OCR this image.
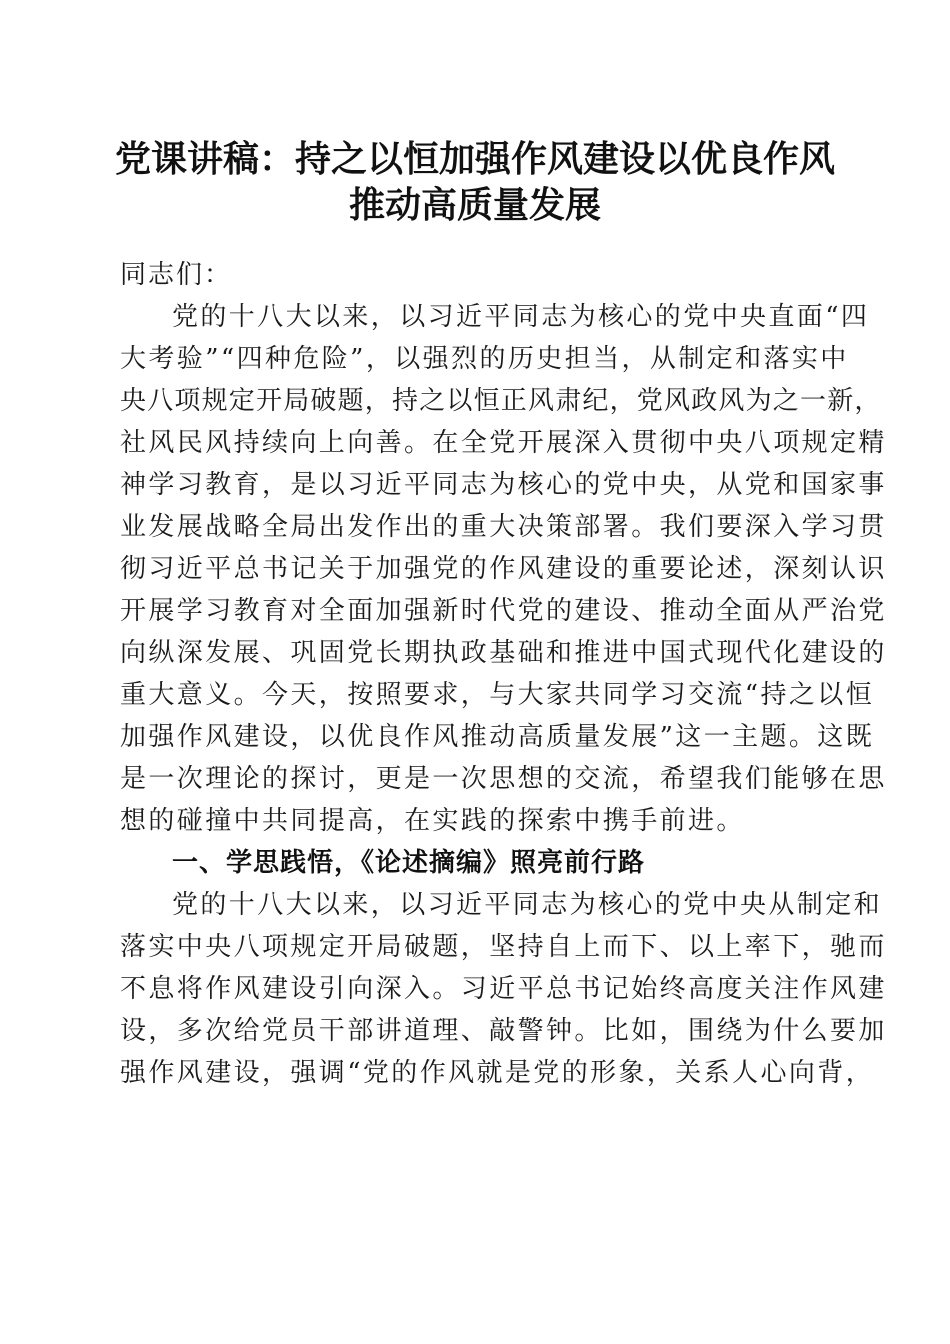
党课讲稿：持之以恒加强作风建设以优良作风
推动高质量发展
同志们：
党的十八大以来，以习近平同志为核心的党中央直面“四
大考验”“四种危险”，以强烈的历史担当，从制定和落实中
央八项规定开局破题，持之以恒正风肃纪，党风政风为之一新，
社风民风持续向上向善。在全党开展深入贯彻中央八项规定精
神学习教育，是以习近平同志为核心的党中央，从党和国家事
业发展战略全局出发作出的重大决策部署。我们要深入学习贯
彻习近平总书记关于加强党的作风建设的重要论述，深刻认识
开展学习教育对全面加强新时代党的建设、推动全面从严治党
向纵深发展、巩固党长期执政基础和推进中国式现代化建设的
重大意义。今天，按照要求，与大家共同学习交流“持之以恒
加强作风建设，以优良作风推动高质量发展”这一主题。这既
是一次理论的探讨，更是一次思想的交流，希望我们能够在思
想的碰撞中共同提高，在实践的探索中携手前进。
一、学思践悟，《论述摘编》照亮前行路
党的十八大以来，以习近平同志为核心的党中央从制定和
落实中央八项规定开局破题，坚持自上而下、以上率下，驰而
不息将作风建设引向深入。习近平总书记始终高度关注作风建
设，多次给党员干部讲道理、敲警钟。比如，围绕为什么要加
强作风建设，强调“党的作风就是党的形象，关系人心向背，
